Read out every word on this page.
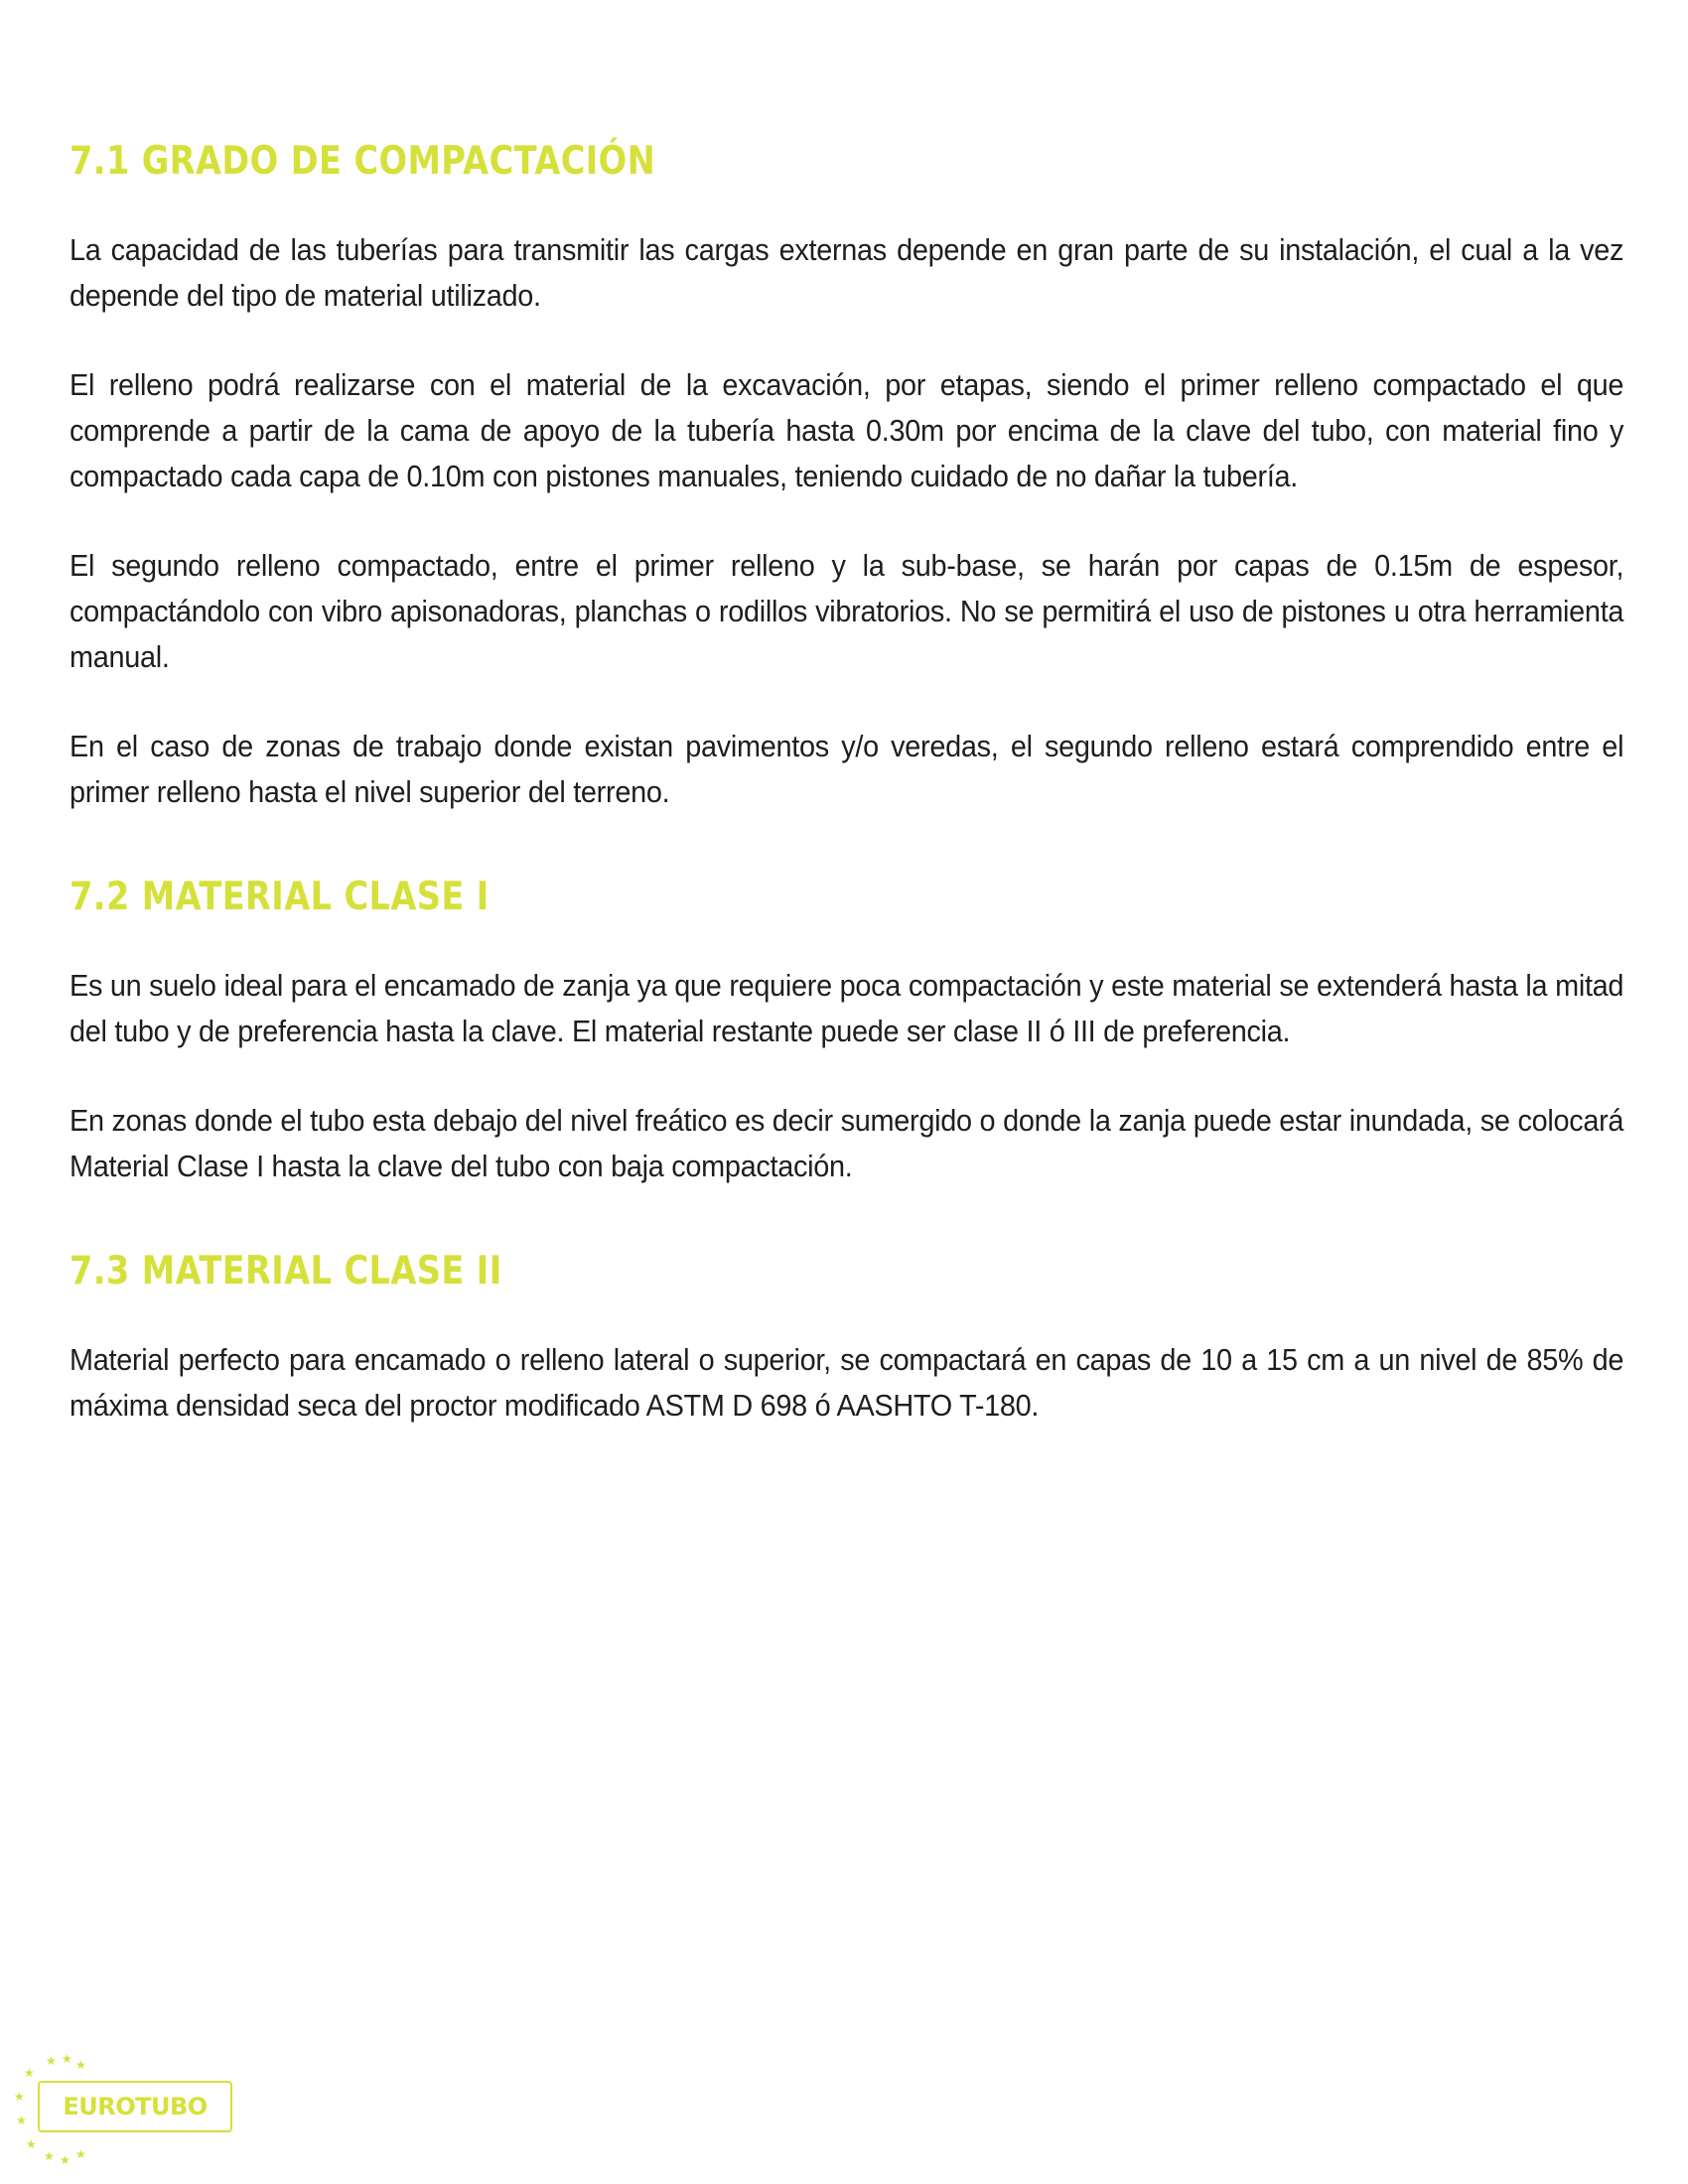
7.1 GRADO DE COMPACTACIÓN

La capacidad de las tuberías para transmitir las cargas externas depende en gran parte de su instalación, el cual a la vez depende del tipo de material utilizado.

El relleno podrá realizarse con el material de la excavación, por etapas, siendo el primer relleno compactado el que comprende a partir de la cama de apoyo de la tubería hasta 0.30m por encima de la clave del tubo, con material fino y compactado cada capa de 0.10m con pistones manuales, teniendo cuidado de no dañar la tubería.

El segundo relleno compactado, entre el primer relleno y la sub-base, se harán por capas de 0.15m de espesor, compactándolo con vibro apisonadoras, planchas o rodillos vibratorios. No se permitirá el uso de pistones u otra herramienta manual.

En el caso de zonas de trabajo donde existan pavimentos y/o veredas, el segundo relleno estará comprendido entre el primer relleno hasta el nivel superior del terreno.

7.2 MATERIAL CLASE I

Es un suelo ideal para el encamado de zanja ya que requiere poca compactación y este material se extenderá hasta la mitad del tubo y de preferencia hasta la clave. El material restante puede ser clase II ó III de preferencia.

En zonas donde el tubo esta debajo del nivel freático es decir sumergido o donde la zanja puede estar inundada, se colocará Material Clase I hasta la clave del tubo con baja compactación.

7.3 MATERIAL CLASE II

Material perfecto para encamado o relleno lateral o superior, se compactará en capas de 10 a 15 cm a un nivel de 85% de máxima densidad seca del proctor modificado ASTM D 698 ó AASHTO T-180.

★ ★ ★
★
★
★
★
★ ★ ★
EUROTUBO
